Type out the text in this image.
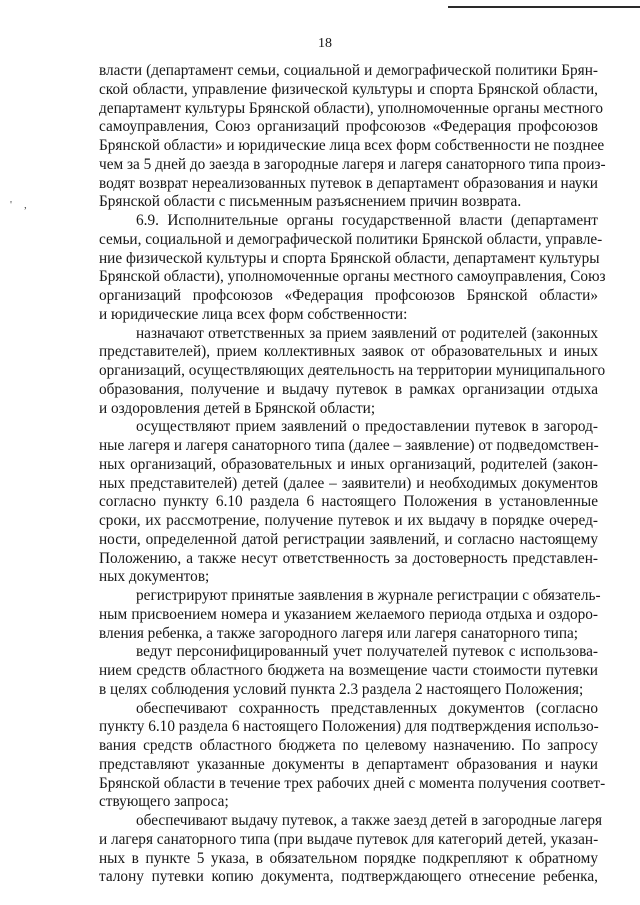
18
' ,
власти (департамент семьи, социальной и демографической политики Брян-
ской области, управление физической культуры и спорта Брянской области,
департамент культуры Брянской области), уполномоченные органы местного
самоуправления, Союз организаций профсоюзов «Федерация профсоюзов
Брянской области» и юридические лица всех форм собственности не позднее
чем за 5 дней до заезда в загородные лагеря и лагеря санаторного типа произ-
водят возврат нереализованных путевок в департамент образования и науки
Брянской области с письменным разъяснением причин возврата.
6.9. Исполнительные органы государственной власти (департамент
семьи, социальной и демографической политики Брянской области, управле-
ние физической культуры и спорта Брянской области, департамент культуры
Брянской области), уполномоченные органы местного самоуправления, Союз
организаций профсоюзов «Федерация профсоюзов Брянской области»
и юридические лица всех форм собственности:
назначают ответственных за прием заявлений от родителей (законных
представителей), прием коллективных заявок от образовательных и иных
организаций, осуществляющих деятельность на территории муниципального
образования, получение и выдачу путевок в рамках организации отдыха
и оздоровления детей в Брянской области;
осуществляют прием заявлений о предоставлении путевок в загород-
ные лагеря и лагеря санаторного типа (далее – заявление) от подведомствен-
ных организаций, образовательных и иных организаций, родителей (закон-
ных представителей) детей (далее – заявители) и необходимых документов
согласно пункту 6.10 раздела 6 настоящего Положения в установленные
сроки, их рассмотрение, получение путевок и их выдачу в порядке очеред-
ности, определенной датой регистрации заявлений, и согласно настоящему
Положению, а также несут ответственность за достоверность представлен-
ных документов;
регистрируют принятые заявления в журнале регистрации с обязатель-
ным присвоением номера и указанием желаемого периода отдыха и оздоро-
вления ребенка, а также загородного лагеря или лагеря санаторного типа;
ведут персонифицированный учет получателей путевок с использова-
нием средств областного бюджета на возмещение части стоимости путевки
в целях соблюдения условий пункта 2.3 раздела 2 настоящего Положения;
обеспечивают сохранность представленных документов (согласно
пункту 6.10 раздела 6 настоящего Положения) для подтверждения использо-
вания средств областного бюджета по целевому назначению. По запросу
представляют указанные документы в департамент образования и науки
Брянской области в течение трех рабочих дней с момента получения соответ-
ствующего запроса;
обеспечивают выдачу путевок, а также заезд детей в загородные лагеря
и лагеря санаторного типа (при выдаче путевок для категорий детей, указан-
ных в пункте 5 указа, в обязательном порядке подкрепляют к обратному
талону путевки копию документа, подтверждающего отнесение ребенка,
